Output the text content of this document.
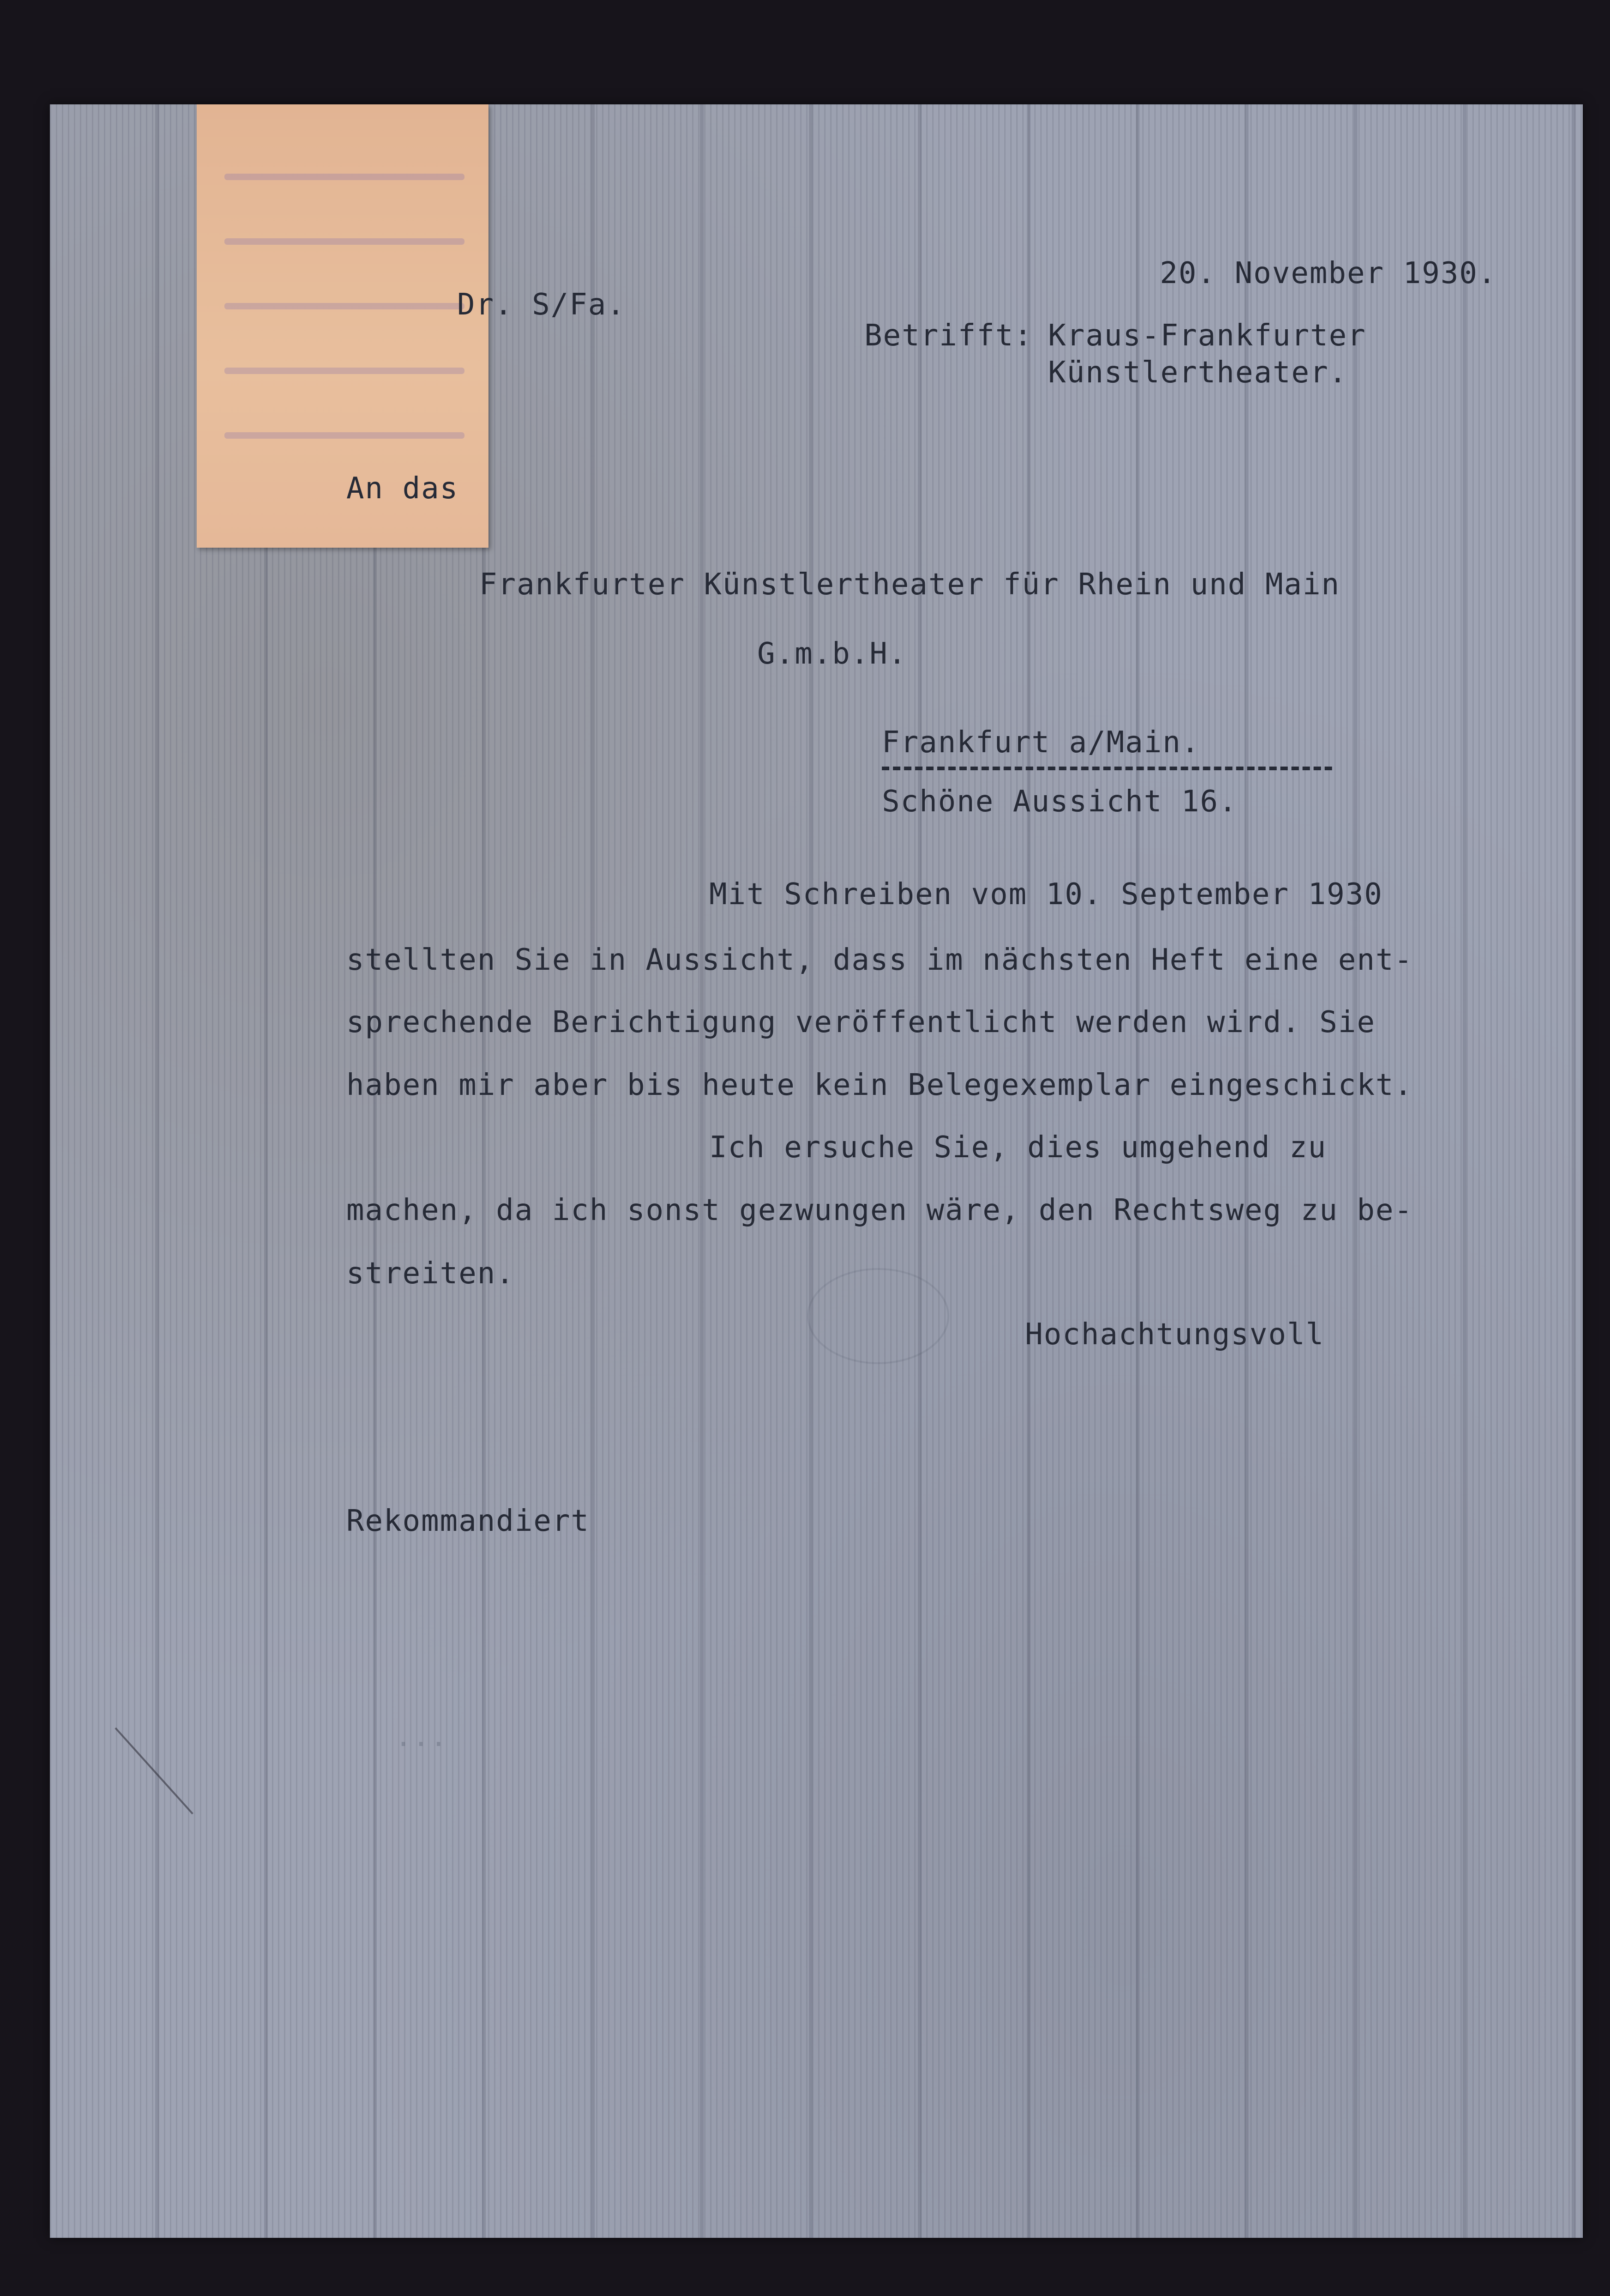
...
20. November 1930.
Dr. S/Fa.
Betrifft: Kraus-Frankfurter
Künstlertheater.
An das
Frankfurter Künstlertheater für Rhein und Main
G.m.b.H.
Frankfurt a/Main.
Schöne Aussicht 16.
Mit Schreiben vom 10. September 1930
stellten Sie in Aussicht, dass im nächsten Heft eine ent-
sprechende Berichtigung veröffentlicht werden wird. Sie
haben mir aber bis heute kein Belegexemplar eingeschickt.
Ich ersuche Sie, dies umgehend zu
machen, da ich sonst gezwungen wäre, den Rechtsweg zu be-
streiten.
Hochachtungsvoll
Rekommandiert
